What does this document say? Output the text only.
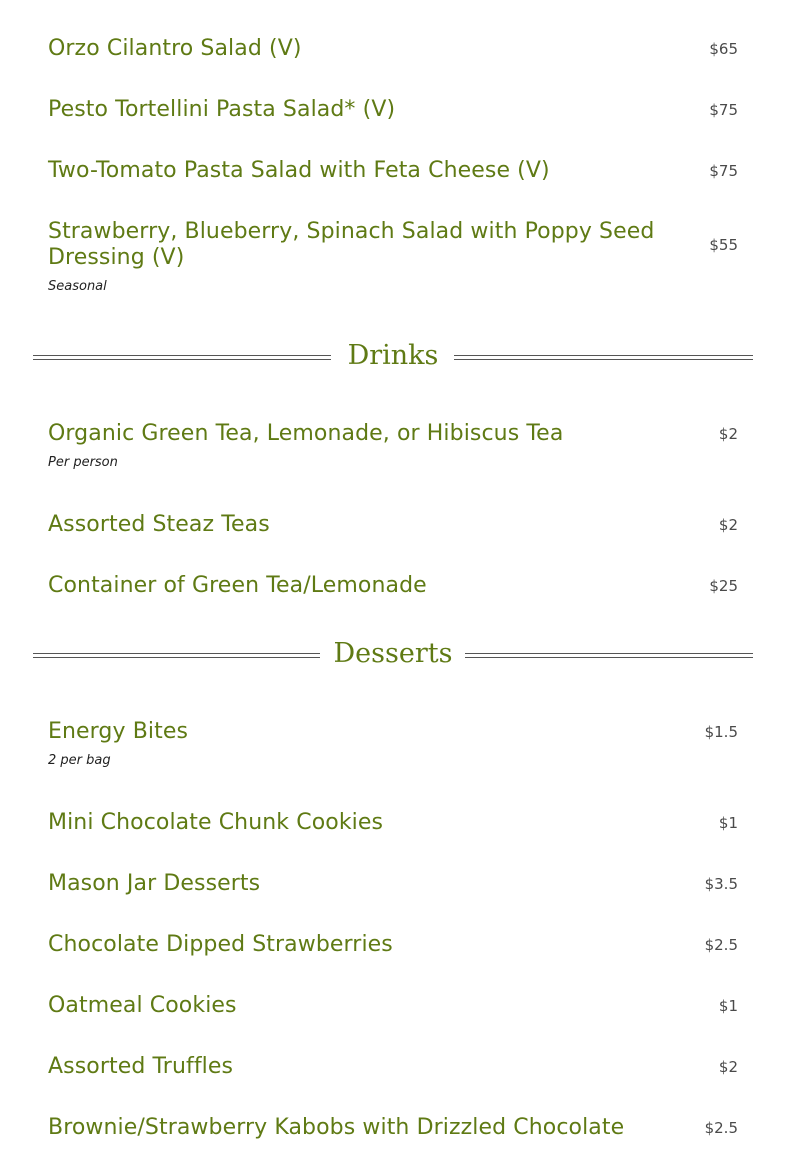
Orzo Cilantro Salad (V)	$65
Pesto Tortellini Pasta Salad* (V)	$75
Two-Tomato Pasta Salad with Feta Cheese (V)	$75
Strawberry, Blueberry, Spinach Salad with Poppy Seed Dressing (V)	$55
Seasonal
Drinks
Organic Green Tea, Lemonade, or Hibiscus Tea	$2
Per person
Assorted Steaz Teas	$2
Container of Green Tea/Lemonade	$25
Desserts
Energy Bites	$1.5
2 per bag
Mini Chocolate Chunk Cookies	$1
Mason Jar Desserts	$3.5
Chocolate Dipped Strawberries	$2.5
Oatmeal Cookies	$1
Assorted Truffles	$2
Brownie/Strawberry Kabobs with Drizzled Chocolate	$2.5
